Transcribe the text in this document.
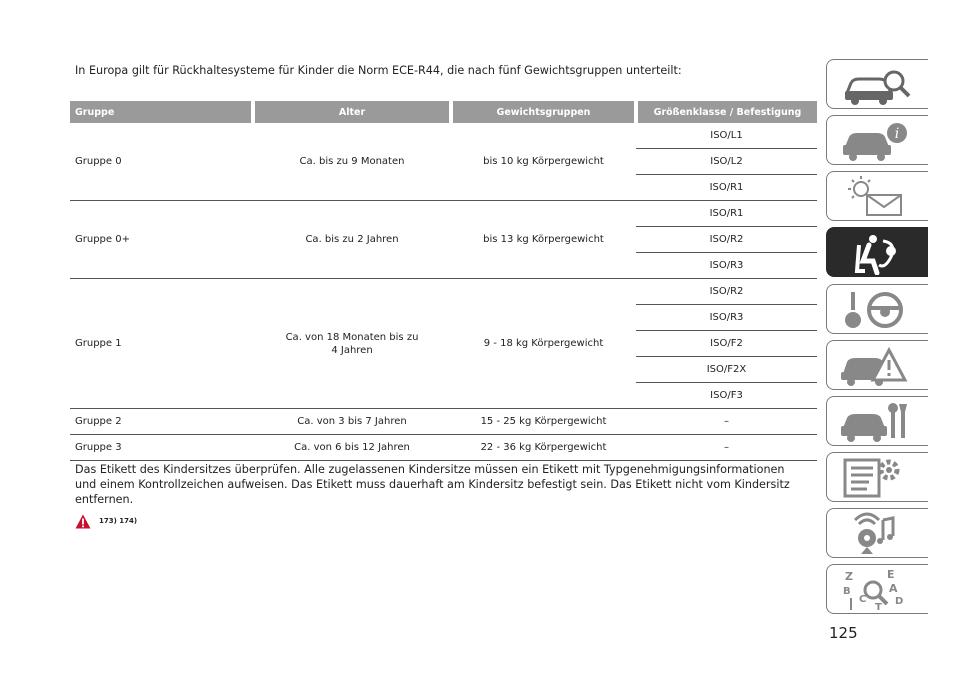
In Europa gilt für Rückhaltesysteme für Kinder die Norm ECE-R44, die nach fünf Gewichtsgruppen unterteilt:
Gruppe	Alter	Gewichtsgruppen	Größenklasse / Befestigung
Gruppe 0	Ca. bis zu 9 Monaten	bis 10 kg Körpergewicht	ISO/L1
			ISO/L2
			ISO/R1
Gruppe 0+	Ca. bis zu 2 Jahren	bis 13 kg Körpergewicht	ISO/R1
			ISO/R2
			ISO/R3
Gruppe 1	Ca. von 18 Monaten bis zu 4 Jahren	9 - 18 kg Körpergewicht	ISO/R2
			ISO/R3
			ISO/F2
			ISO/F2X
			ISO/F3
Gruppe 2	Ca. von 3 bis 7 Jahren	15 - 25 kg Körpergewicht	–
Gruppe 3	Ca. von 6 bis 12 Jahren	22 - 36 kg Körpergewicht	–
Das Etikett des Kindersitzes überprüfen. Alle zugelassenen Kindersitze müssen ein Etikett mit Typgenehmigungsinformationen und einem Kontrollzeichen aufweisen. Das Etikett muss dauerhaft am Kindersitz befestigt sein. Das Etikett nicht vom Kindersitz entfernen.
173) 174)
i
Z	E
B	A
C
T
D
125
